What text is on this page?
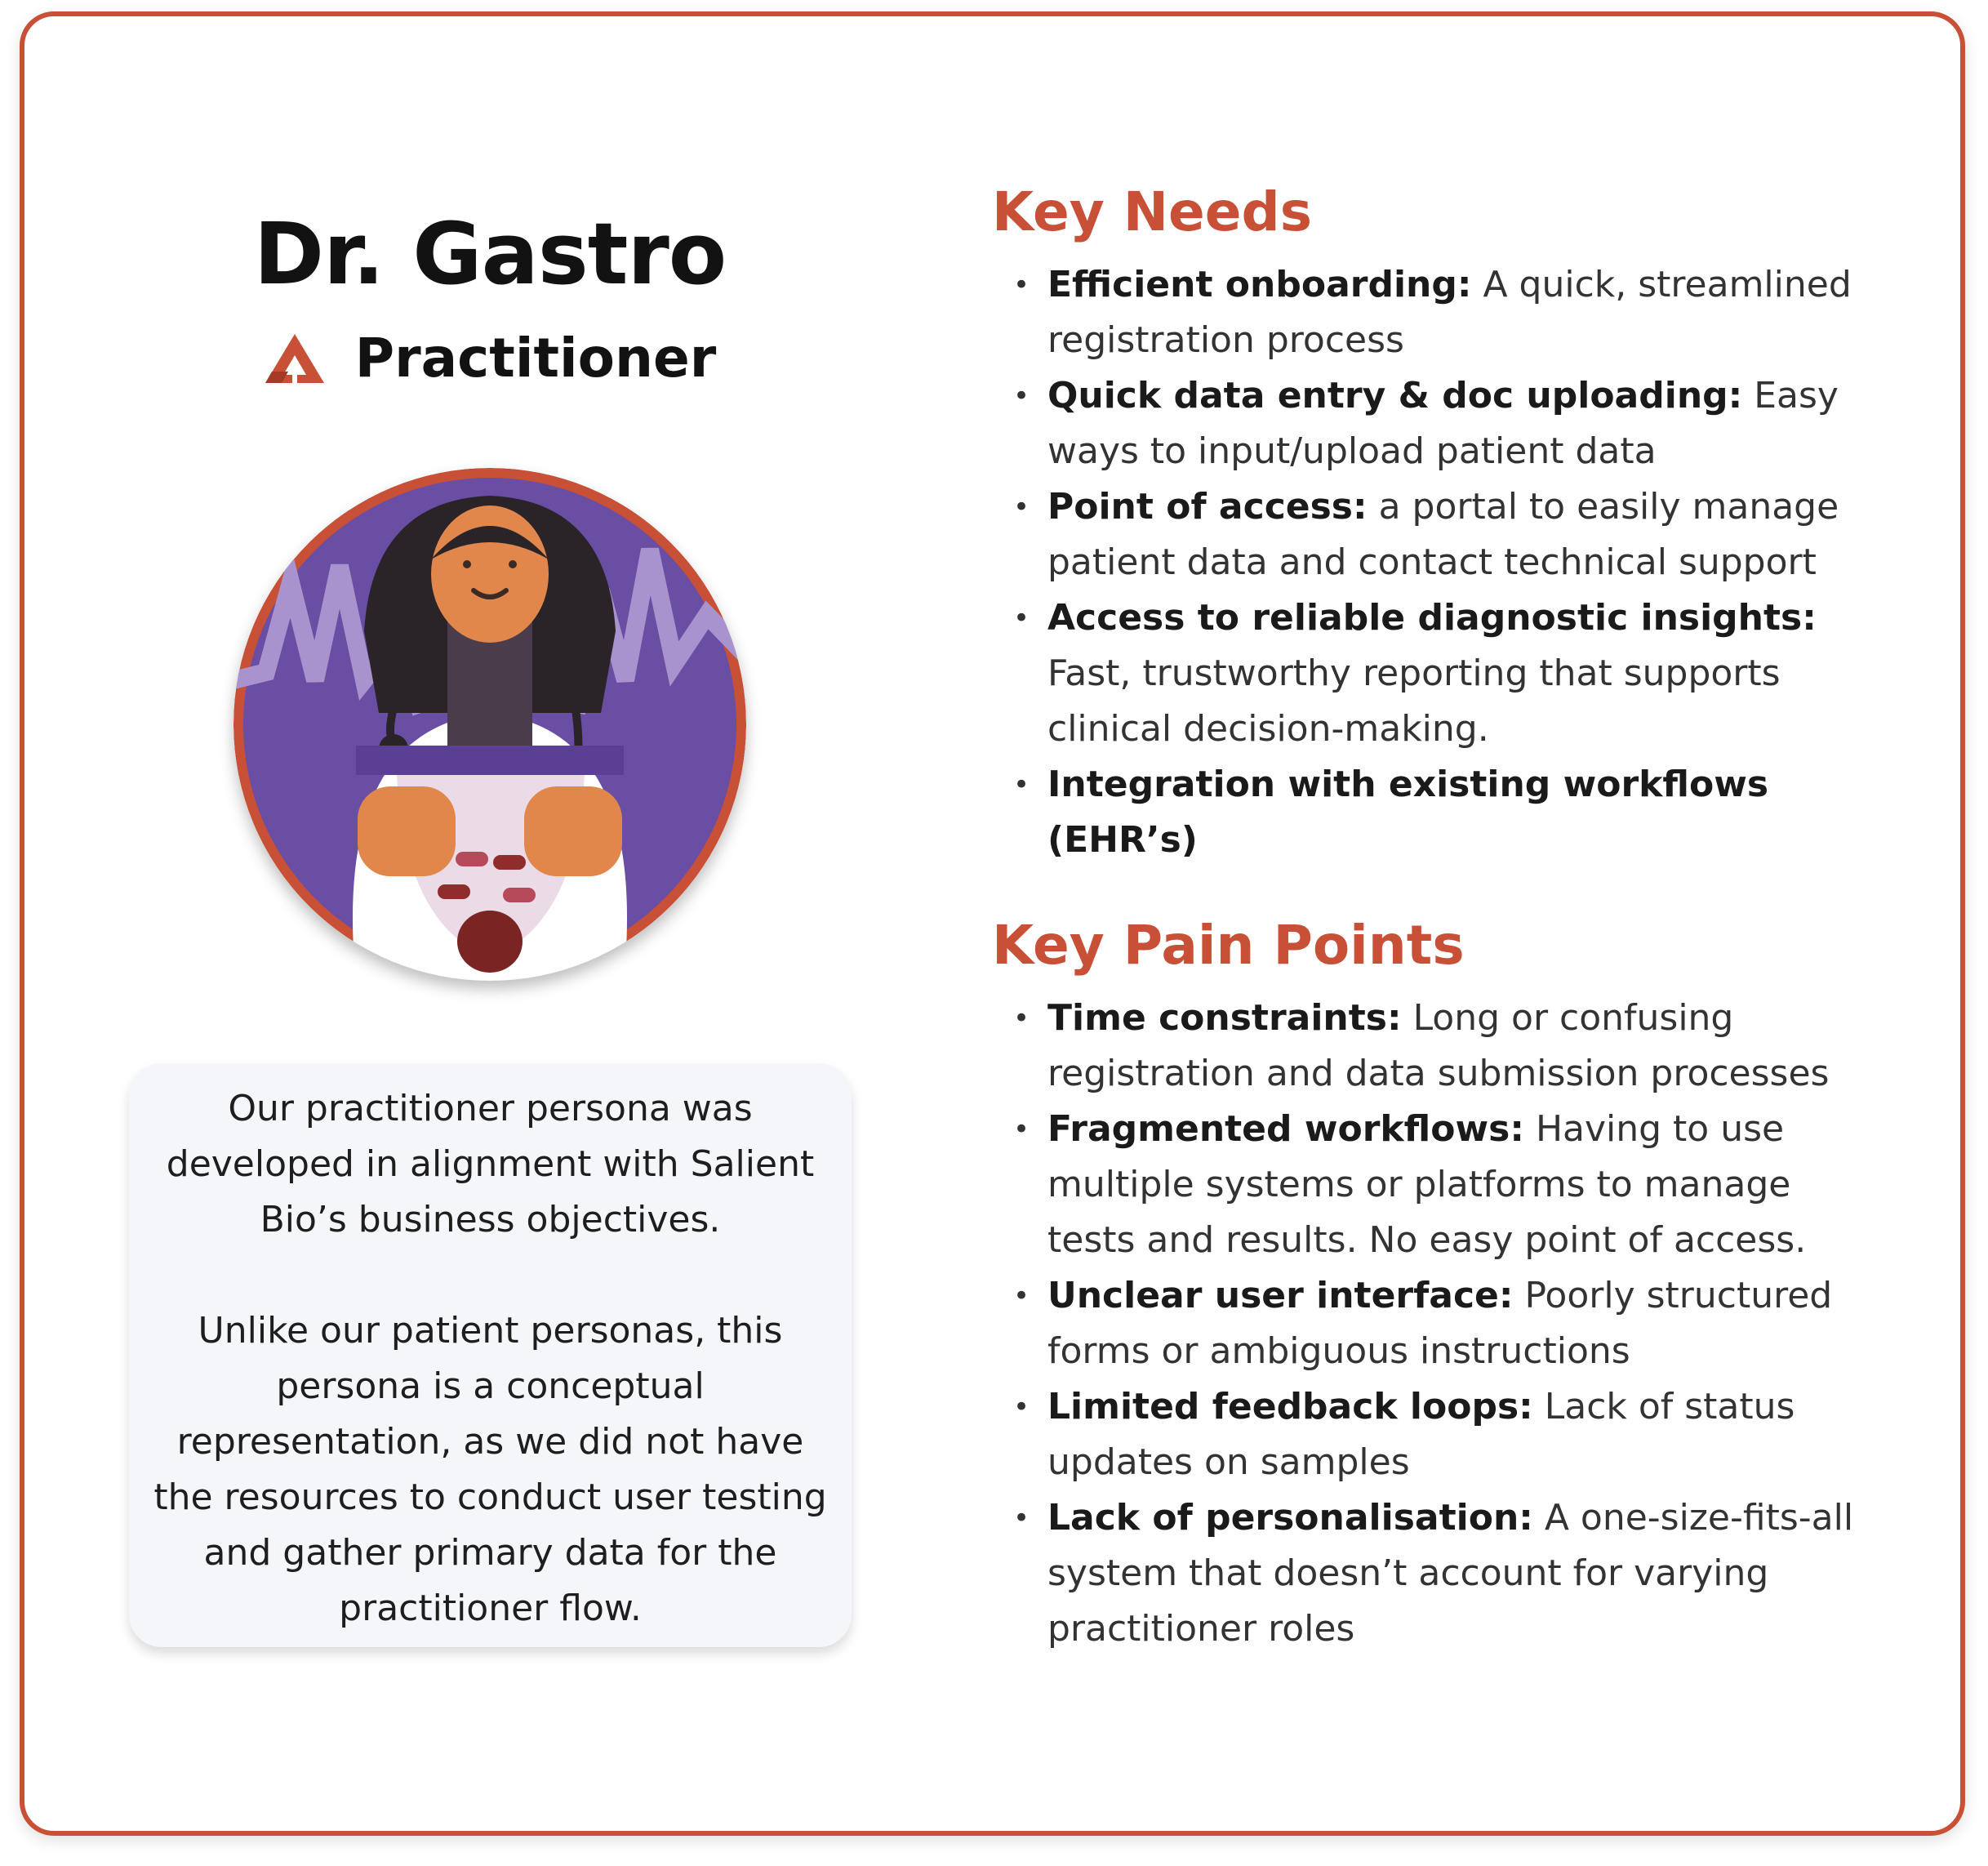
Dr. Gastro
Practitioner

Our practitioner persona was developed in alignment with Salient Bio’s business objectives.

Unlike our patient personas, this persona is a conceptual representation, as we did not have the resources to conduct user testing and gather primary data for the practitioner flow.

Key Needs
• Efficient onboarding: A quick, streamlined registration process
• Quick data entry & doc uploading: Easy ways to input/upload patient data
• Point of access: a portal to easily manage patient data and contact technical support
• Access to reliable diagnostic insights: Fast, trustworthy reporting that supports clinical decision-making.
• Integration with existing workflows (EHR’s)
Key Pain Points
• Time constraints: Long or confusing registration and data submission processes
• Fragmented workflows: Having to use multiple systems or platforms to manage tests and results. No easy point of access.
• Unclear user interface: Poorly structured forms or ambiguous instructions
• Limited feedback loops: Lack of status updates on samples
• Lack of personalisation: A one-size-fits-all system that doesn’t account for varying practitioner roles
